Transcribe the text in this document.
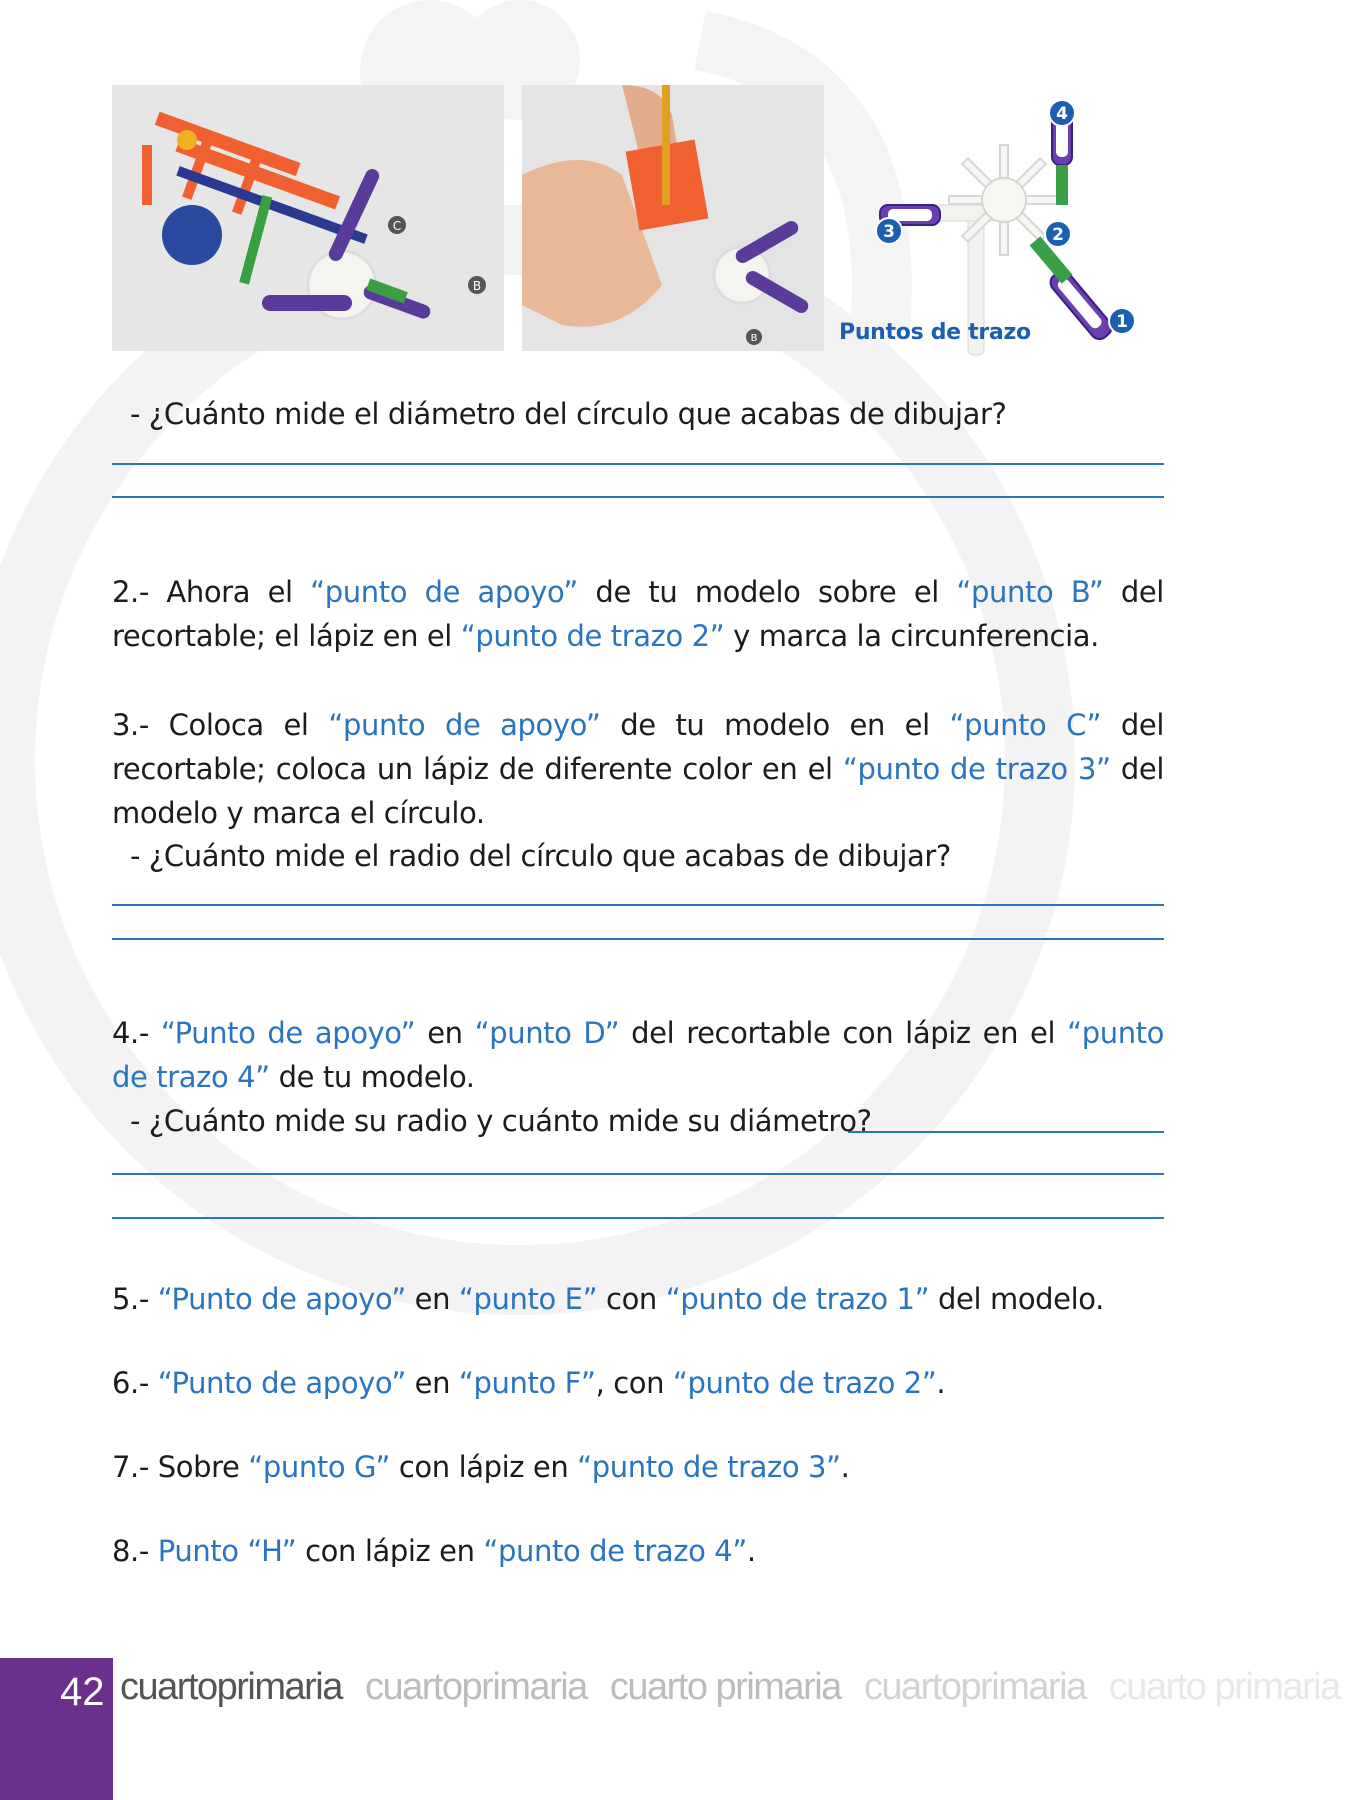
C
B
B
1
2
3
4
Puntos de trazo
- ¿Cuánto mide el diámetro del círculo que acabas de dibujar?
2.- Ahora el “punto de apoyo” de tu modelo sobre el “punto B” del recortable; el lápiz en el “punto de trazo 2” y marca la circunferencia.
3.- Coloca el “punto de apoyo” de tu modelo en el “punto C” del recortable; coloca un lápiz de diferente color en el “punto de trazo 3” del modelo y marca el círculo.
- ¿Cuánto mide el radio del círculo que acabas de dibujar?
4.- “Punto de apoyo” en “punto D” del recortable con lápiz en el “punto de trazo 4” de tu modelo.
- ¿Cuánto mide su radio y cuánto mide su diámetro?
5.- “Punto de apoyo” en “punto E” con “punto de trazo 1” del modelo.
6.- “Punto de apoyo” en “punto F”, con “punto de trazo 2”.
7.- Sobre “punto G” con lápiz en “punto de trazo 3”.
8.- Punto “H” con lápiz en “punto de trazo 4”.
42 cuartoprimaria cuartoprimaria cuarto primaria cuartoprimaria cuarto primaria
